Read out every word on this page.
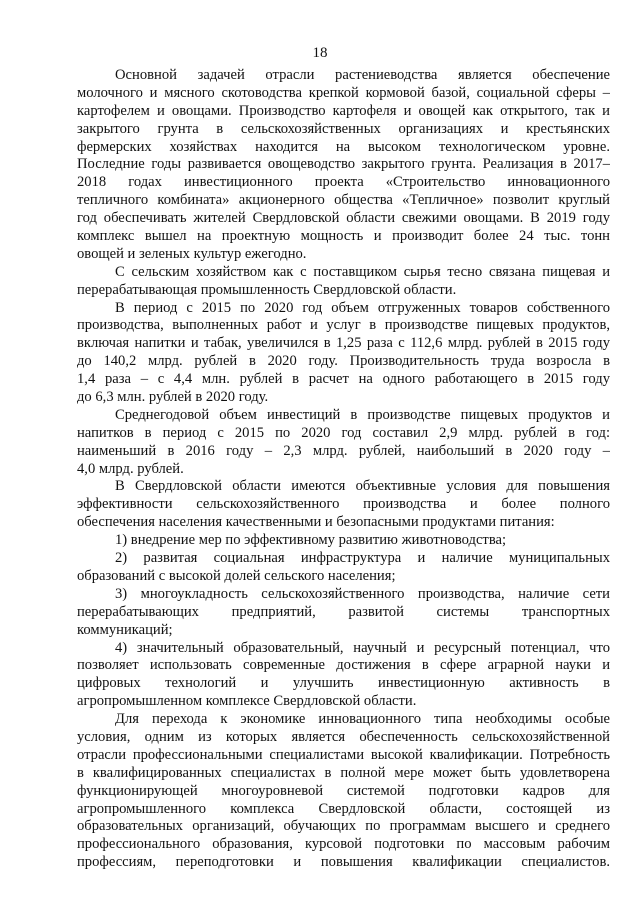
18
Основной задачей отрасли растениеводства является обеспечение
молочного и мясного скотоводства крепкой кормовой базой, социальной сферы –
картофелем и овощами. Производство картофеля и овощей как открытого, так и
закрытого грунта в сельскохозяйственных организациях и крестьянских
фермерских хозяйствах находится на высоком технологическом уровне.
Последние годы развивается овощеводство закрытого грунта. Реализация в 2017–
2018 годах инвестиционного проекта «Строительство инновационного
тепличного комбината» акционерного общества «Тепличное» позволит круглый
год обеспечивать жителей Свердловской области свежими овощами. В 2019 году
комплекс вышел на проектную мощность и производит более 24 тыс. тонн
овощей и зеленых культур ежегодно.
С сельским хозяйством как с поставщиком сырья тесно связана пищевая и
перерабатывающая промышленность Свердловской области.
В период с 2015 по 2020 год объем отгруженных товаров собственного
производства, выполненных работ и услуг в производстве пищевых продуктов,
включая напитки и табак, увеличился в 1,25 раза с 112,6 млрд. рублей в 2015 году
до 140,2 млрд. рублей в 2020 году. Производительность труда возросла в
1,4 раза – с 4,4 млн. рублей в расчет на одного работающего в 2015 году
до 6,3 млн. рублей в 2020 году.
Среднегодовой объем инвестиций в производстве пищевых продуктов и
напитков в период с 2015 по 2020 год составил 2,9 млрд. рублей в год:
наименьший в 2016 году – 2,3 млрд. рублей, наибольший в 2020 году –
4,0 млрд. рублей.
В Свердловской области имеются объективные условия для повышения
эффективности сельскохозяйственного производства и более полного
обеспечения населения качественными и безопасными продуктами питания:
1) внедрение мер по эффективному развитию животноводства;
2) развитая социальная инфраструктура и наличие муниципальных
образований с высокой долей сельского населения;
3) многоукладность сельскохозяйственного производства, наличие сети
перерабатывающих предприятий, развитой системы транспортных
коммуникаций;
4) значительный образовательный, научный и ресурсный потенциал, что
позволяет использовать современные достижения в сфере аграрной науки и
цифровых технологий и улучшить инвестиционную активность в
агропромышленном комплексе Свердловской области.
Для перехода к экономике инновационного типа необходимы особые
условия, одним из которых является обеспеченность сельскохозяйственной
отрасли профессиональными специалистами высокой квалификации. Потребность
в квалифицированных специалистах в полной мере может быть удовлетворена
функционирующей многоуровневой системой подготовки кадров для
агропромышленного комплекса Свердловской области, состоящей из
образовательных организаций, обучающих по программам высшего и среднего
профессионального образования, курсовой подготовки по массовым рабочим
профессиям, переподготовки и повышения квалификации специалистов.
